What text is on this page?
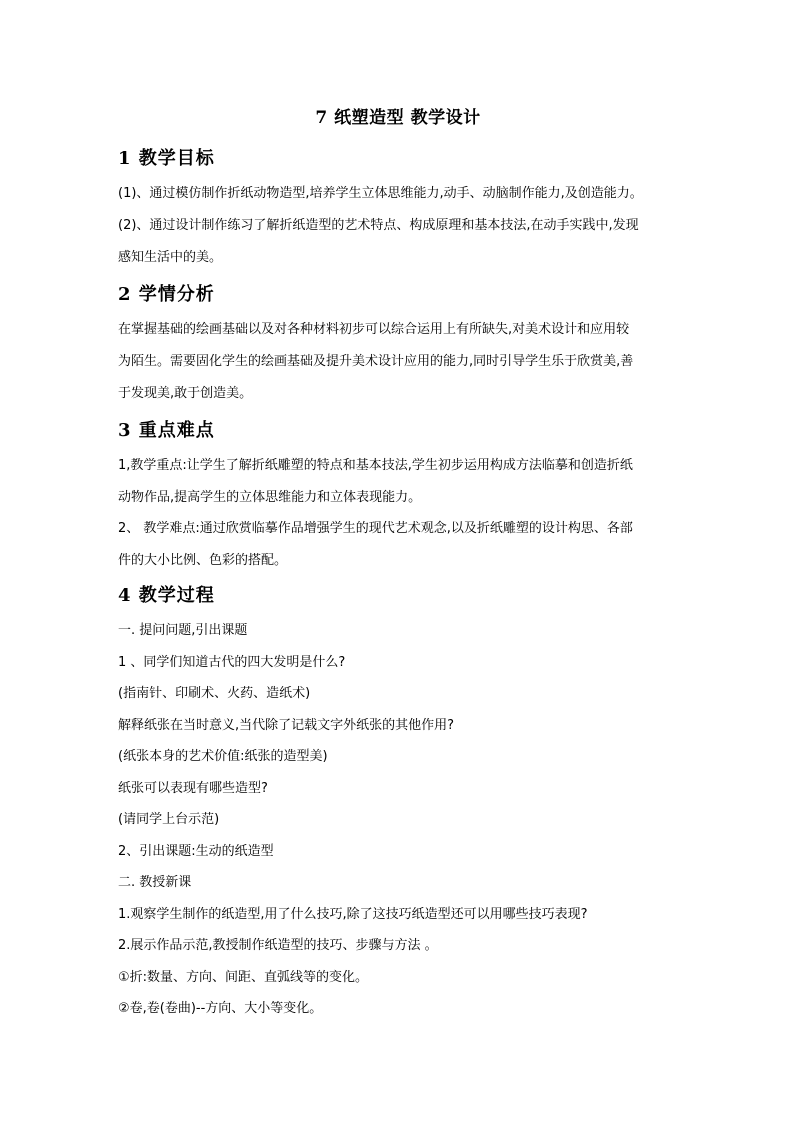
7 纸塑造型 教学设计
1 教学目标
(1)、通过模仿制作折纸动物造型,培养学生立体思维能力,动手、动脑制作能力,及创造能力。
(2)、通过设计制作练习了解折纸造型的艺术特点、构成原理和基本技法,在动手实践中,发现
感知生活中的美。
2 学情分析
在掌握基础的绘画基础以及对各种材料初步可以综合运用上有所缺失,对美术设计和应用较
为陌生。需要固化学生的绘画基础及提升美术设计应用的能力,同时引导学生乐于欣赏美,善
于发现美,敢于创造美。
3 重点难点
1,教学重点:让学生了解折纸雕塑的特点和基本技法,学生初步运用构成方法临摹和创造折纸
动物作品,提高学生的立体思维能力和立体表现能力。
2、 教学难点:通过欣赏临摹作品增强学生的现代艺术观念,以及折纸雕塑的设计构思、各部
件的大小比例、色彩的搭配。
4 教学过程
一. 提问问题,引出课题
1 、同学们知道古代的四大发明是什么?
(指南针、印刷术、火药、造纸术)
解释纸张在当时意义,当代除了记载文字外纸张的其他作用?
(纸张本身的艺术价值:纸张的造型美)
纸张可以表现有哪些造型?
(请同学上台示范)
2、引出课题:生动的纸造型
二. 教授新课
1.观察学生制作的纸造型,用了什么技巧,除了这技巧纸造型还可以用哪些技巧表现?
2.展示作品示范,教授制作纸造型的技巧、步骤与方法 。
①折:数量、方向、间距、直弧线等的变化。
②卷,卷(卷曲)--方向、大小等变化。
